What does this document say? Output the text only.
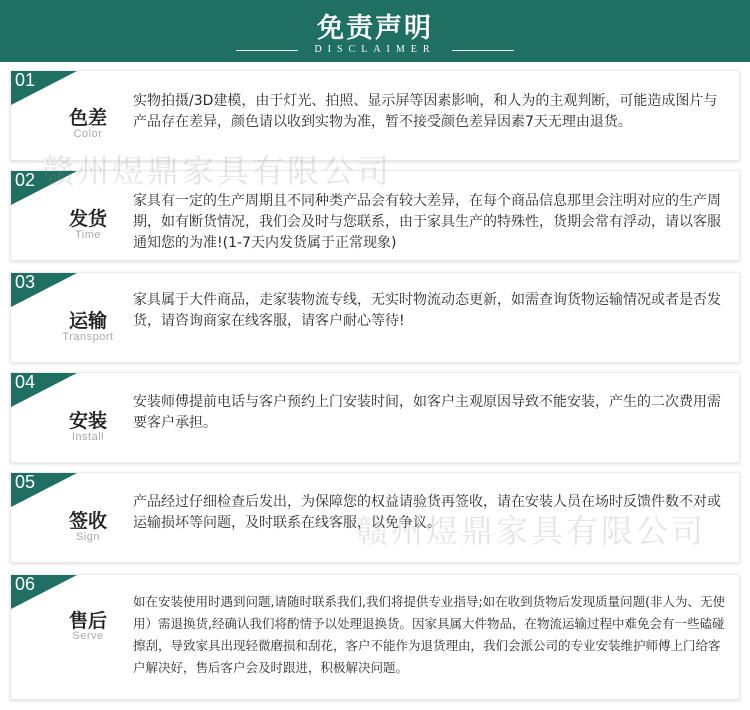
免责声明
DISCLAIMER
01
色差
Color
实物拍摄/3D建模，由于灯光、拍照、显示屏等因素影响，和人为的主观判断，可能造成图片与产品存在差异，颜色请以收到实物为准，暂不接受颜色差异因素7天无理由退货。
02
发货
Time
家具有一定的生产周期且不同种类产品会有较大差异，在每个商品信息那里会注明对应的生产周期，如有断货情况，我们会及时与您联系，由于家具生产的特殊性，货期会常有浮动，请以客服通知您的为准!(1-7天内发货属于正常现象)
03
运输
Transport
家具属于大件商品，走家装物流专线，无实时物流动态更新，如需查询货物运输情况或者是否发货，请咨询商家在线客服，请客户耐心等待!
04
安装
Install
安装师傅提前电话与客户预约上门安装时间，如客户主观原因导致不能安装，产生的二次费用需要客户承担。
05
签收
Sign
产品经过仔细检查后发出，为保障您的权益请验货再签收，请在安装人员在场时反馈件数不对或运输损坏等问题，及时联系在线客服，以免争议。
06
售后
Serve
如在安装使用时遇到问题,请随时联系我们,我们将提供专业指导;如在收到货物后发现质量问题(非人为、无使用）需退换货,经确认我们将酌情予以处理退换货。因家具属大件物品，在物流运输过程中难免会有一些磕碰擦刮，导致家具出现轻微磨损和刮花，客户不能作为退货理由，我们会派公司的专业安装维护师傅上门给客户解决好，售后客户会及时跟进，积极解决问题。
赣州煜鼎家具有限公司
赣州煜鼎家具有限公司
